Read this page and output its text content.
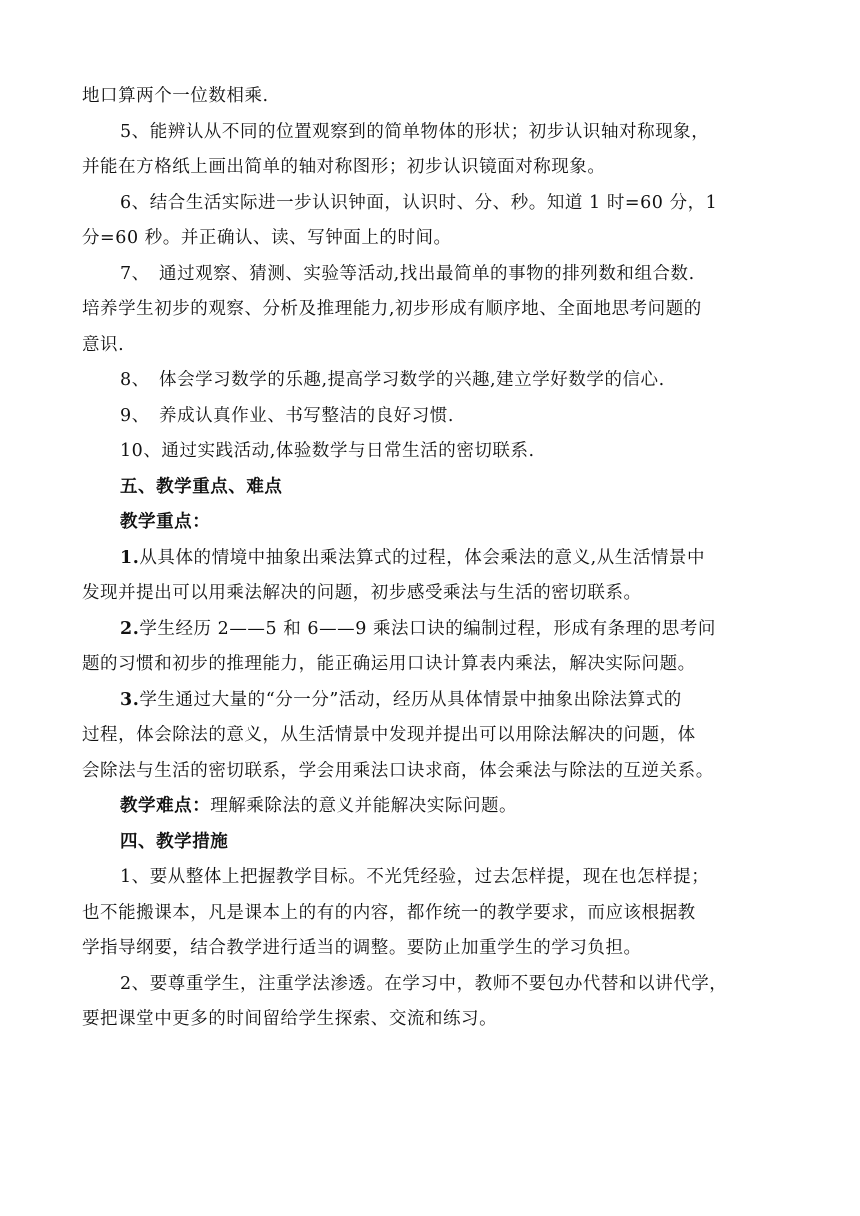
地口算两个一位数相乘.
5、能辨认从不同的位置观察到的简单物体的形状；初步认识轴对称现象，
并能在方格纸上画出简单的轴对称图形；初步认识镜面对称现象。
6、结合生活实际进一步认识钟面，认识时、分、秒。知道 1 时=60 分，1
分=60 秒。并正确认、读、写钟面上的时间。
7、　通过观察、猜测、实验等活动,找出最简单的事物的排列数和组合数.
培养学生初步的观察、分析及推理能力,初步形成有顺序地、全面地思考问题的
意识.
8、　体会学习数学的乐趣,提高学习数学的兴趣,建立学好数学的信心.
9、　养成认真作业、书写整洁的良好习惯.
10、通过实践活动,体验数学与日常生活的密切联系.
五、教学重点、难点
教学重点：
1.从具体的情境中抽象出乘法算式的过程，体会乘法的意义,从生活情景中
发现并提出可以用乘法解决的问题，初步感受乘法与生活的密切联系。
2.学生经历 2——5 和 6——9 乘法口诀的编制过程，形成有条理的思考问
题的习惯和初步的推理能力，能正确运用口诀计算表内乘法，解决实际问题。
3.学生通过大量的“分一分”活动，经历从具体情景中抽象出除法算式的
过程，体会除法的意义，从生活情景中发现并提出可以用除法解决的问题，体
会除法与生活的密切联系，学会用乘法口诀求商，体会乘法与除法的互逆关系。
教学难点：理解乘除法的意义并能解决实际问题。
四、教学措施
1、要从整体上把握教学目标。不光凭经验，过去怎样提，现在也怎样提；
也不能搬课本，凡是课本上的有的内容，都作统一的教学要求，而应该根据教
学指导纲要，结合教学进行适当的调整。要防止加重学生的学习负担。
2、要尊重学生，注重学法渗透。在学习中，教师不要包办代替和以讲代学，
要把课堂中更多的时间留给学生探索、交流和练习。
